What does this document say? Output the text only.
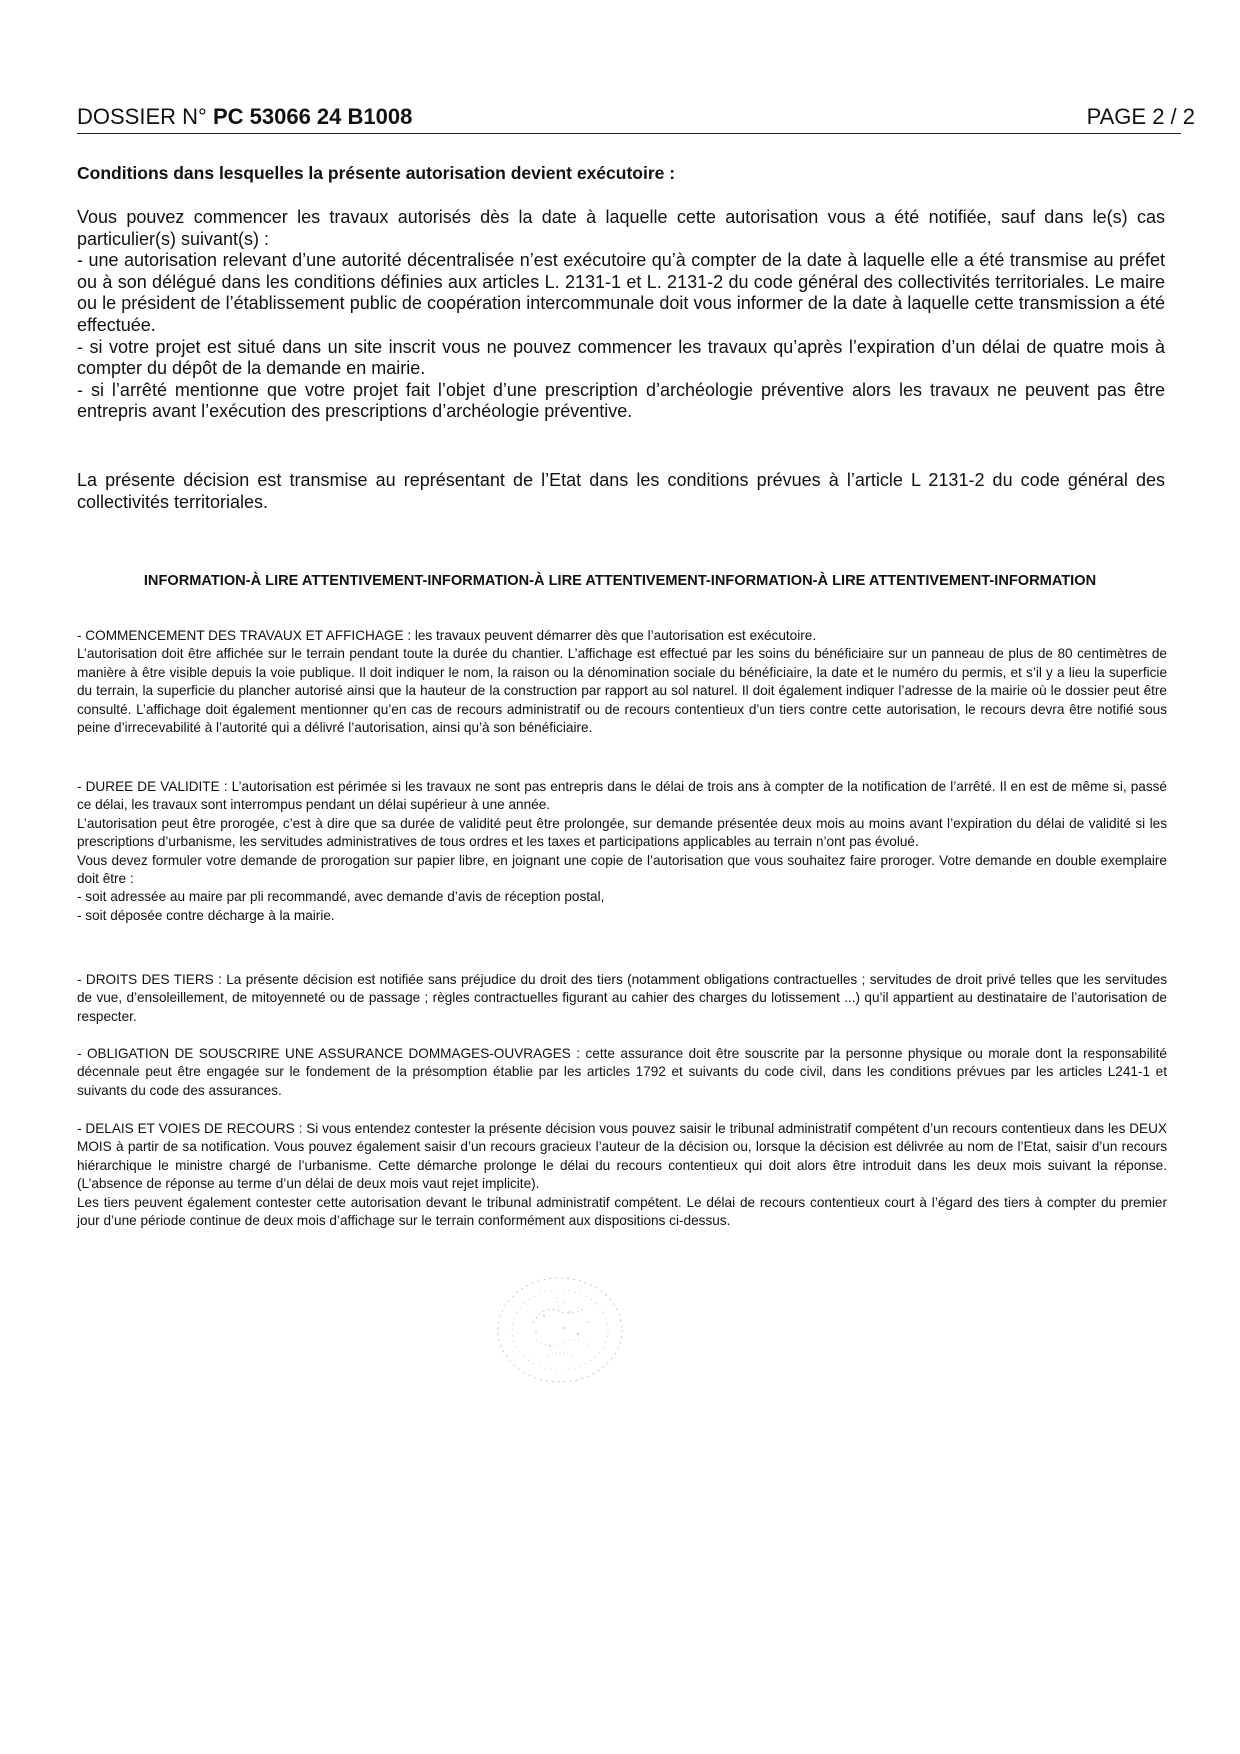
DOSSIER N° PC 53066 24 B1008	PAGE 2 / 2
Conditions dans lesquelles la présente autorisation devient exécutoire :

Vous pouvez commencer les travaux autorisés dès la date à laquelle cette autorisation vous a été notifiée, sauf dans le(s) cas particulier(s) suivant(s) :

- une autorisation relevant d’une autorité décentralisée n’est exécutoire qu’à compter de la date à laquelle elle a été transmise au préfet ou à son délégué dans les conditions définies aux articles L. 2131-1 et L. 2131-2 du code général des collectivités territoriales. Le maire ou le président de l’établissement public de coopération intercommunale doit vous informer de la date à laquelle cette transmission a été effectuée.

- si votre projet est situé dans un site inscrit vous ne pouvez commencer les travaux qu’après l’expiration d’un délai de quatre mois à compter du dépôt de la demande en mairie.

- si l’arrêté mentionne que votre projet fait l’objet d’une prescription d’archéologie préventive alors les travaux ne peuvent pas être entrepris avant l’exécution des prescriptions d’archéologie préventive.

La présente décision est transmise au représentant de l’Etat dans les conditions prévues à l’article L 2131-2 du code général des collectivités territoriales.
INFORMATION-À LIRE ATTENTIVEMENT-INFORMATION-À LIRE ATTENTIVEMENT-INFORMATION-À LIRE ATTENTIVEMENT-INFORMATION

- COMMENCEMENT DES TRAVAUX ET AFFICHAGE : les travaux peuvent démarrer dès que l’autorisation est exécutoire.

L’autorisation doit être affichée sur le terrain pendant toute la durée du chantier. L’affichage est effectué par les soins du bénéficiaire sur un panneau de plus de 80 centimètres de manière à être visible depuis la voie publique. Il doit indiquer le nom, la raison ou la dénomination sociale du bénéficiaire, la date et le numéro du permis, et s’il y a lieu la superficie du terrain, la superficie du plancher autorisé ainsi que la hauteur de la construction par rapport au sol naturel. Il doit également indiquer l’adresse de la mairie où le dossier peut être consulté. L’affichage doit également mentionner qu’en cas de recours administratif ou de recours contentieux d’un tiers contre cette autorisation, le recours devra être notifié sous peine d’irrecevabilité à l’autorité qui a délivré l’autorisation, ainsi qu’à son bénéficiaire.

- DUREE DE VALIDITE : L’autorisation est périmée si les travaux ne sont pas entrepris dans le délai de trois ans à compter de la notification de l’arrêté. Il en est de même si, passé ce délai, les travaux sont interrompus pendant un délai supérieur à une année.

L’autorisation peut être prorogée, c’est à dire que sa durée de validité peut être prolongée, sur demande présentée deux mois au moins avant l’expiration du délai de validité si les prescriptions d’urbanisme, les servitudes administratives de tous ordres et les taxes et participations applicables au terrain n’ont pas évolué.

Vous devez formuler votre demande de prorogation sur papier libre, en joignant une copie de l’autorisation que vous souhaitez faire proroger. Votre demande en double exemplaire doit être :

- soit adressée au maire par pli recommandé, avec demande d’avis de réception postal,

- soit déposée contre décharge à la mairie.

- DROITS DES TIERS : La présente décision est notifiée sans préjudice du droit des tiers (notamment obligations contractuelles ; servitudes de droit privé telles que les servitudes de vue, d’ensoleillement, de mitoyenneté ou de passage ; règles contractuelles figurant au cahier des charges du lotissement ...) qu’il appartient au destinataire de l’autorisation de respecter.

- OBLIGATION DE SOUSCRIRE UNE ASSURANCE DOMMAGES-OUVRAGES : cette assurance doit être souscrite par la personne physique ou morale dont la responsabilité décennale peut être engagée sur le fondement de la présomption établie par les articles 1792 et suivants du code civil, dans les conditions prévues par les articles L241-1 et suivants du code des assurances.

- DELAIS ET VOIES DE RECOURS : Si vous entendez contester la présente décision vous pouvez saisir le tribunal administratif compétent d’un recours contentieux dans les DEUX MOIS à partir de sa notification. Vous pouvez également saisir d’un recours gracieux l’auteur de la décision ou, lorsque la décision est délivrée au nom de l’Etat, saisir d’un recours hiérarchique le ministre chargé de l’urbanisme. Cette démarche prolonge le délai du recours contentieux qui doit alors être introduit dans les deux mois suivant la réponse. (L’absence de réponse au terme d’un délai de deux mois vaut rejet implicite).

Les tiers peuvent également contester cette autorisation devant le tribunal administratif compétent. Le délai de recours contentieux court à l’égard des tiers à compter du premier jour d’une période continue de deux mois d’affichage sur le terrain conformément aux dispositions ci-dessus.
